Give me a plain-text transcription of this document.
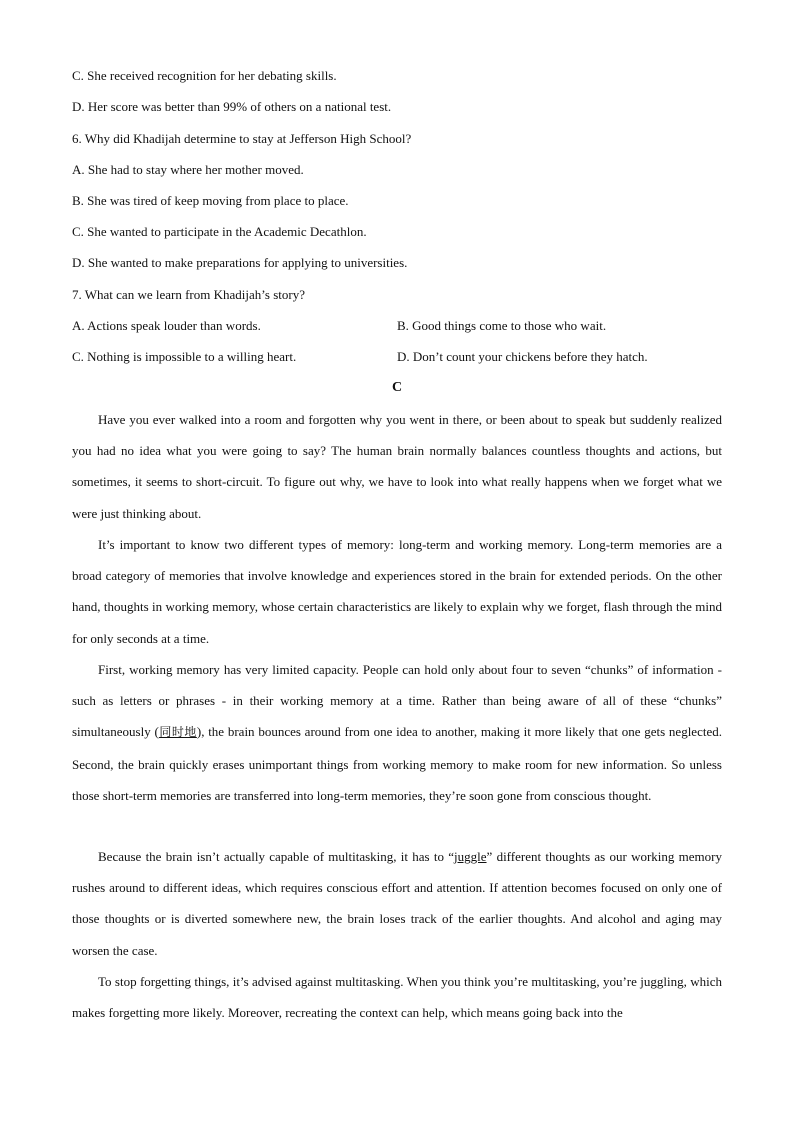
C. She received recognition for her debating skills.
D. Her score was better than 99% of others on a national test.
6. Why did Khadijah determine to stay at Jefferson High School?
A. She had to stay where her mother moved.
B. She was tired of keep moving from place to place.
C. She wanted to participate in the Academic Decathlon.
D. She wanted to make preparations for applying to universities.
7. What can we learn from Khadijah’s story?
A. Actions speak louder than words.	B. Good things come to those who wait.
C. Nothing is impossible to a willing heart.	D. Don’t count your chickens before they hatch.
C

Have you ever walked into a room and forgotten why you went in there, or been about to speak but suddenly realized you had no idea what you were going to say? The human brain normally balances countless thoughts and actions, but sometimes, it seems to short-circuit. To figure out why, we have to look into what really happens when we forget what we were just thinking about.

It’s important to know two different types of memory: long-term and working memory. Long-term memories are a broad category of memories that involve knowledge and experiences stored in the brain for extended periods. On the other hand, thoughts in working memory, whose certain characteristics are likely to explain why we forget, flash through the mind for only seconds at a time.

First, working memory has very limited capacity. People can hold only about four to seven “chunks” of information - such as letters or phrases - in their working memory at a time. Rather than being aware of all of these “chunks” simultaneously (同时地), the brain bounces around from one idea to another, making it more likely that one gets neglected. Second, the brain quickly erases unimportant things from working memory to make room for new information. So unless those short-term memories are transferred into long-term memories, they’re soon gone from conscious thought.

Because the brain isn’t actually capable of multitasking, it has to “juggle” different thoughts as our working memory rushes around to different ideas, which requires conscious effort and attention. If attention becomes focused on only one of those thoughts or is diverted somewhere new, the brain loses track of the earlier thoughts. And alcohol and aging may worsen the case.

To stop forgetting things, it’s advised against multitasking. When you think you’re multitasking, you’re juggling, which makes forgetting more likely. Moreover, recreating the context can help, which means going back into the
